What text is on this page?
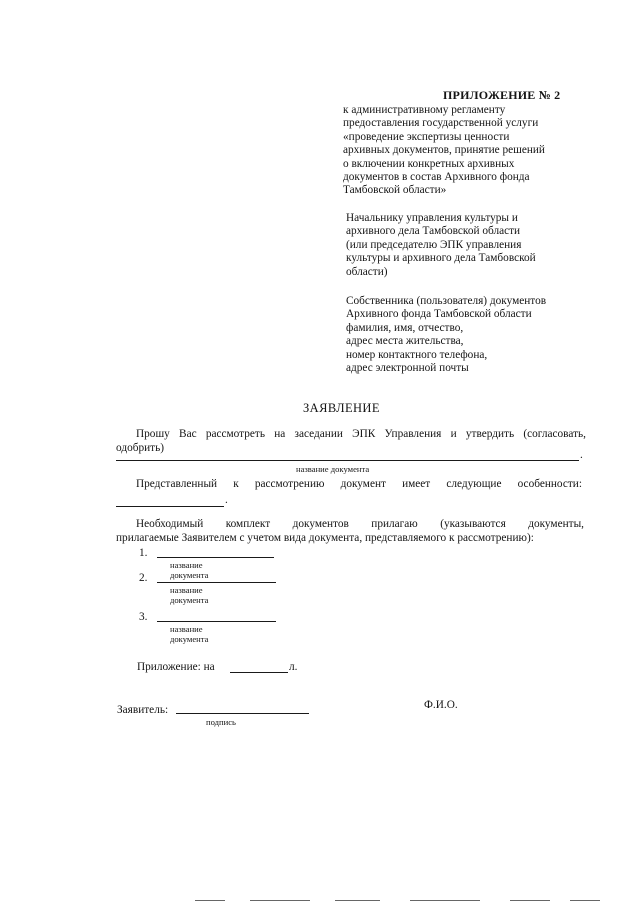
ПРИЛОЖЕНИЕ № 2
к административному регламенту
предоставления государственной услуги
«проведение экспертизы ценности
архивных документов, принятие решений
о включении конкретных архивных
документов в состав Архивного фонда
Тамбовской области»
Начальнику управления культуры и
архивного дела Тамбовской области
(или председателю ЭПК управления
культуры и архивного дела Тамбовской
области)
Собственника (пользователя) документов
Архивного фонда Тамбовской области
фамилия, имя, отчество,
адрес места жительства,
номер контактного телефона,
адрес электронной почты
ЗАЯВЛЕНИЕ
Прошу Вас рассмотреть на заседании ЭПК Управления и утвердить (согласовать,
одобрить)
.
название документа
Представленный к рассмотрению документ имеет следующие особенности:
.
Необходимый комплект документов прилагаю (указываются документы,
прилагаемые Заявителем с учетом вида документа, представляемого к рассмотрению):
1.
название документа
2.
название документа
3.
название документа
Приложение: на	л.
Заявитель:
подпись
Ф.И.О.
